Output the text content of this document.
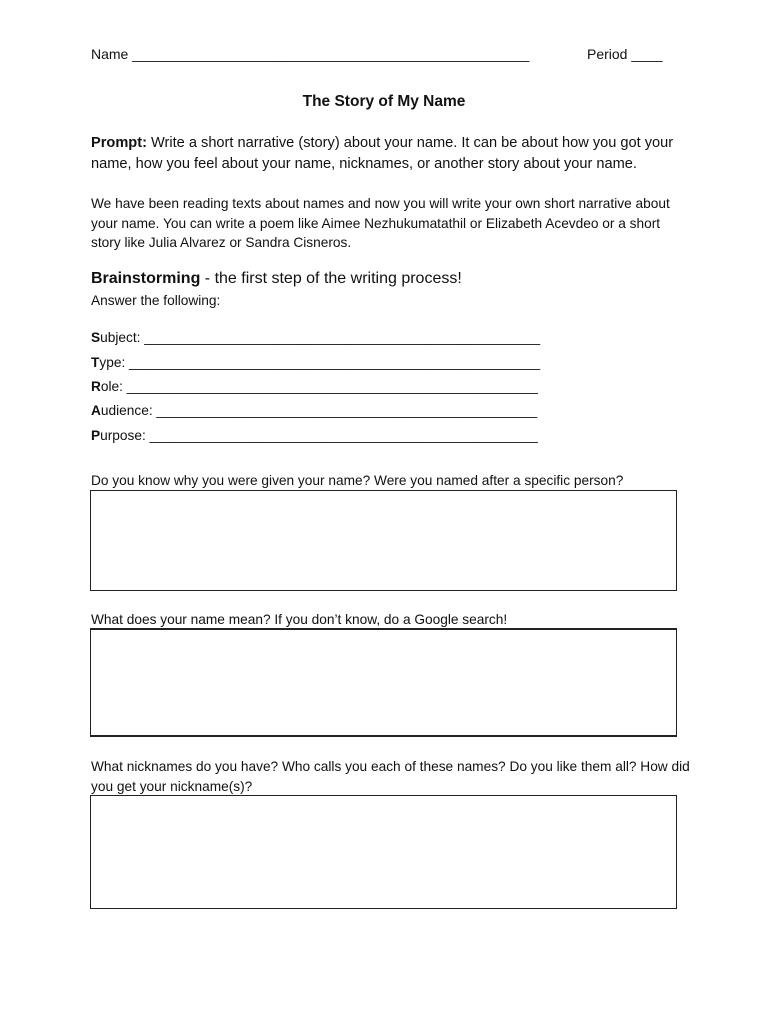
Name ___________________________________________________	Period ____
The Story of My Name
Prompt: Write a short narrative (story) about your name. It can be about how you got your name, how you feel about your name, nicknames, or another story about your name.
We have been reading texts about names and now you will write your own short narrative about your name. You can write a poem like Aimee Nezhukumatathil or Elizabeth Acevdeo or a short story like Julia Alvarez or Sandra Cisneros.
Brainstorming - the first step of the writing process!
Answer the following:
Subject: ____________________________________________________
Type: ______________________________________________________
Role: ______________________________________________________
Audience: __________________________________________________
Purpose: ___________________________________________________
Do you know why you were given your name? Were you named after a specific person?
What does your name mean? If you don’t know, do a Google search!
What nicknames do you have? Who calls you each of these names? Do you like them all? How did you get your nickname(s)?
